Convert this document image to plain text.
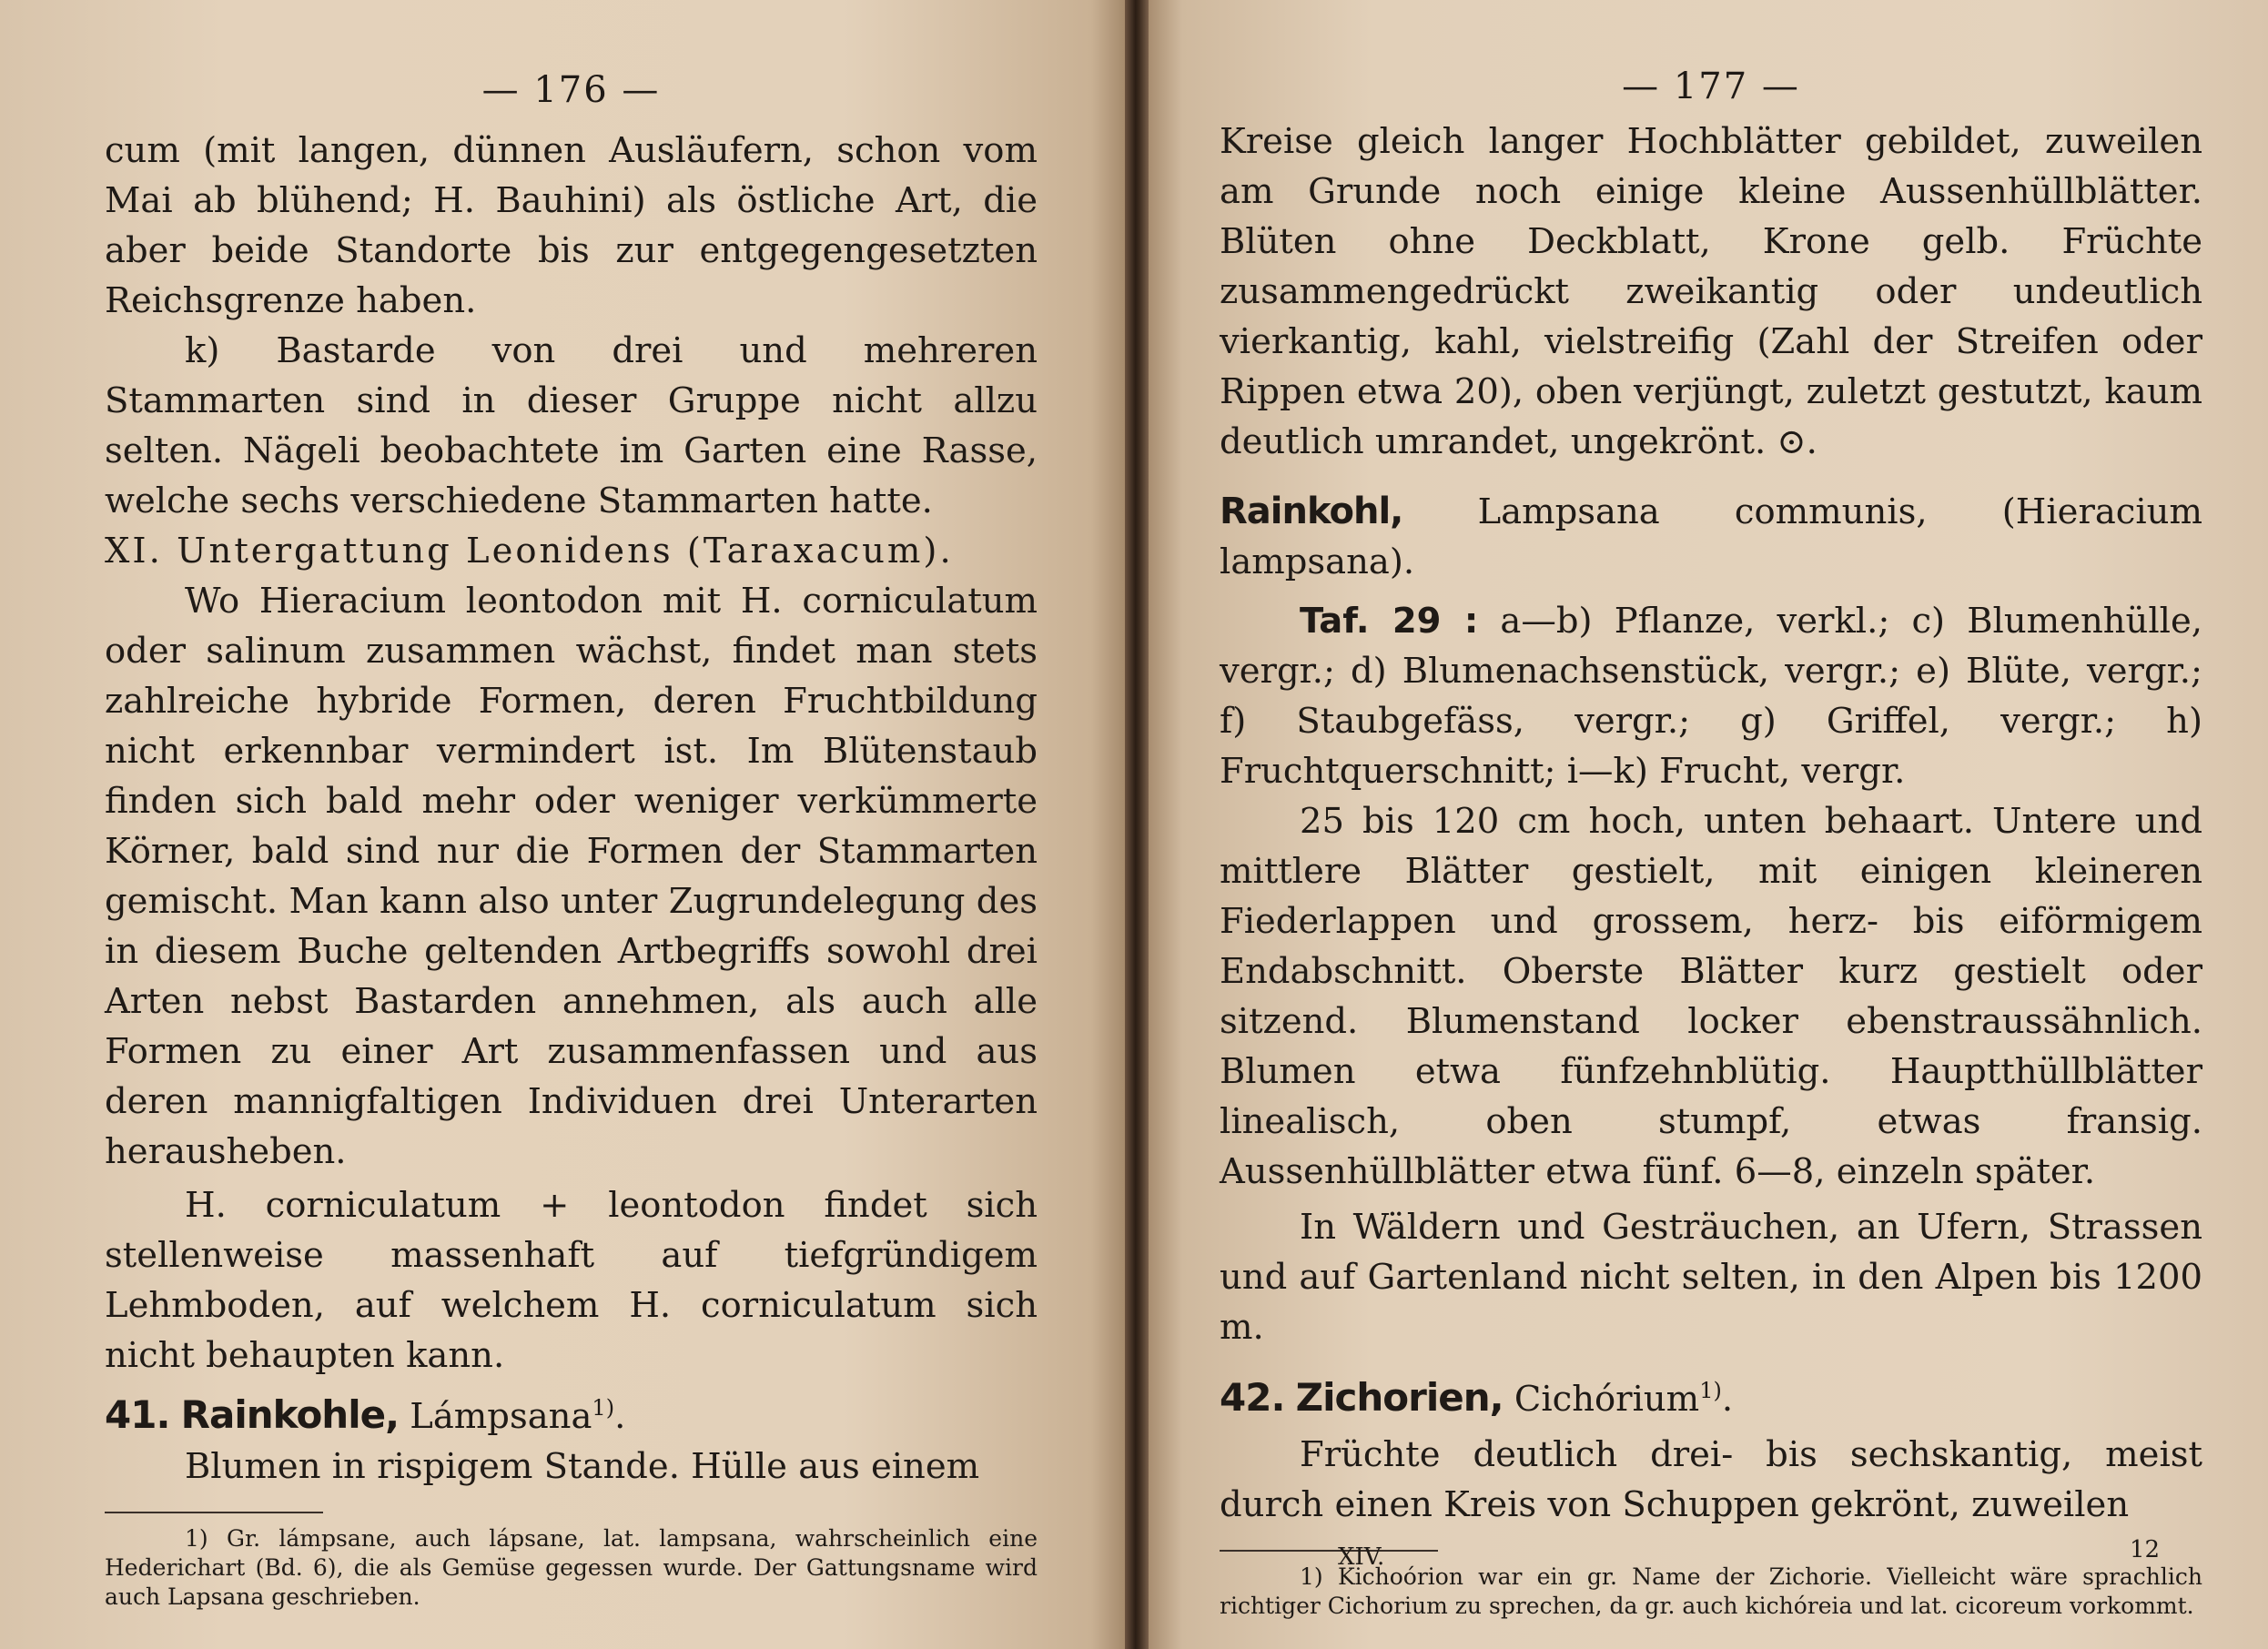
— 176 —

cum (mit langen, dünnen Ausläufern, schon vom Mai ab blühend; H. Bauhini) als östliche Art, die aber beide Standorte bis zur entgegengesetzten Reichsgrenze haben.

k) Bastarde von drei und mehreren Stammarten sind in dieser Gruppe nicht allzu selten. Nägeli beobachtete im Garten eine Rasse, welche sechs verschiedene Stammarten hatte.

XI. Untergattung Leonidens (Taraxacum).

Wo Hieracium leontodon mit H. corniculatum oder salinum zusammen wächst, findet man stets zahlreiche hybride Formen, deren Fruchtbildung nicht erkennbar vermindert ist. Im Blütenstaub finden sich bald mehr oder weniger verkümmerte Körner, bald sind nur die Formen der Stammarten gemischt. Man kann also unter Zugrundelegung des in diesem Buche geltenden Artbegriffs sowohl drei Arten nebst Bastarden annehmen, als auch alle Formen zu einer Art zusammenfassen und aus deren mannigfaltigen Individuen drei Unterarten herausheben.

H. corniculatum + leontodon findet sich stellenweise massenhaft auf tiefgründigem Lehmboden, auf welchem H. corniculatum sich nicht behaupten kann.

41. Rainkohle, Lámpsana$^{1)}$.

Blumen in rispigem Stande. Hülle aus einem

1) Gr. lámpsane, auch lápsane, lat. lampsana, wahrscheinlich eine Hederichart (Bd. 6), die als Gemüse gegessen wurde. Der Gattungsname wird auch Lapsana geschrieben.

— 177 —

Kreise gleich langer Hochblätter gebildet, zuweilen am Grunde noch einige kleine Aussenhüllblätter. Blüten ohne Deckblatt, Krone gelb. Früchte zusammengedrückt zweikantig oder undeutlich vierkantig, kahl, vielstreifig (Zahl der Streifen oder Rippen etwa 20), oben verjüngt, zuletzt gestutzt, kaum deutlich umrandet, ungekrönt. ⊙.

Rainkohl, Lampsana communis, (Hieracium lampsana).

Taf. 29 : a—b) Pflanze, verkl.; c) Blumenhülle, vergr.; d) Blumenachsenstück, vergr.; e) Blüte, vergr.; f) Staubgefäss, vergr.; g) Griffel, vergr.; h) Fruchtquerschnitt; i—k) Frucht, vergr.

25 bis 120 cm hoch, unten behaart. Untere und mittlere Blätter gestielt, mit einigen kleineren Fiederlappen und grossem, herz- bis eiförmigem Endabschnitt. Oberste Blätter kurz gestielt oder sitzend. Blumenstand locker ebenstraussähnlich. Blumen etwa fünfzehnblütig. Hauptthüllblätter linealisch, oben stumpf, etwas fransig. Aussenhüllblätter etwa fünf. 6—8, einzeln später.

In Wäldern und Gesträuchen, an Ufern, Strassen und auf Gartenland nicht selten, in den Alpen bis 1200 m.

42. Zichorien, Cichórium$^{1)}$.

Früchte deutlich drei- bis sechskantig, meist durch einen Kreis von Schuppen gekrönt, zuweilen

1) Kichoórion war ein gr. Name der Zichorie. Vielleicht wäre sprachlich richtiger Cichorium zu sprechen, da gr. auch kichóreia und lat. cicoreum vorkommt.

XIV.	12
